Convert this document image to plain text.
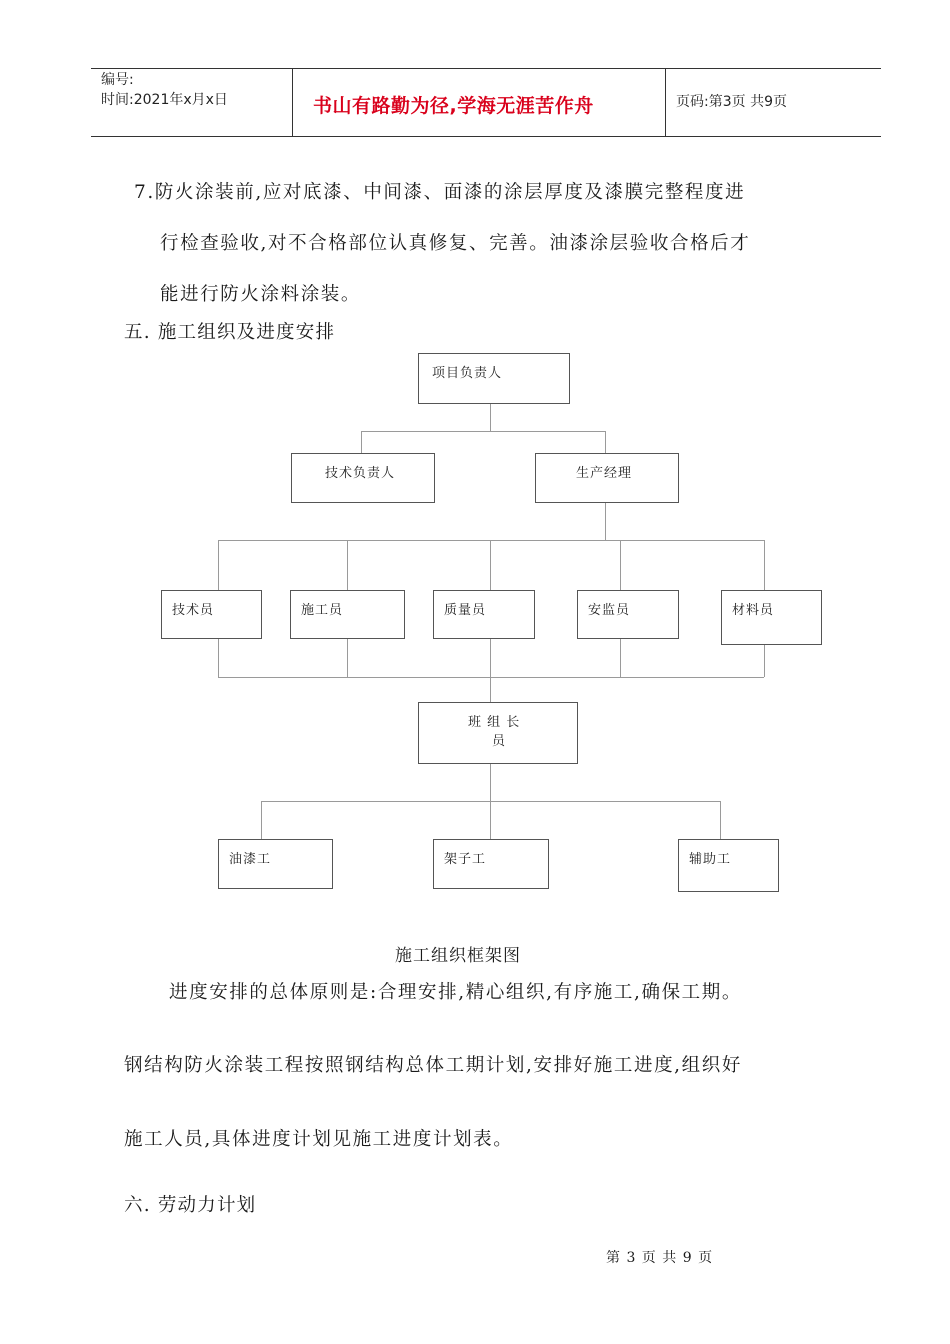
编号:
时间:2021年x月x日	书山有路勤为径,学海无涯苦作舟	页码:第3页 共9页
7.防火涂装前,应对底漆、中间漆、面漆的涂层厚度及漆膜完整程度进
行检查验收,对不合格部位认真修复、完善。油漆涂层验收合格后才
能进行防火涂料涂装。
五. 施工组织及进度安排
项目负责人
技术负责人	生产经理
技术员	施工员	质量员	安监员	材料员
班 组 长
员
油漆工	架子工	辅助工
施工组织框架图
进度安排的总体原则是:合理安排,精心组织,有序施工,确保工期。
钢结构防火涂装工程按照钢结构总体工期计划,安排好施工进度,组织好
施工人员,具体进度计划见施工进度计划表。
六. 劳动力计划
第 3 页 共 9 页
